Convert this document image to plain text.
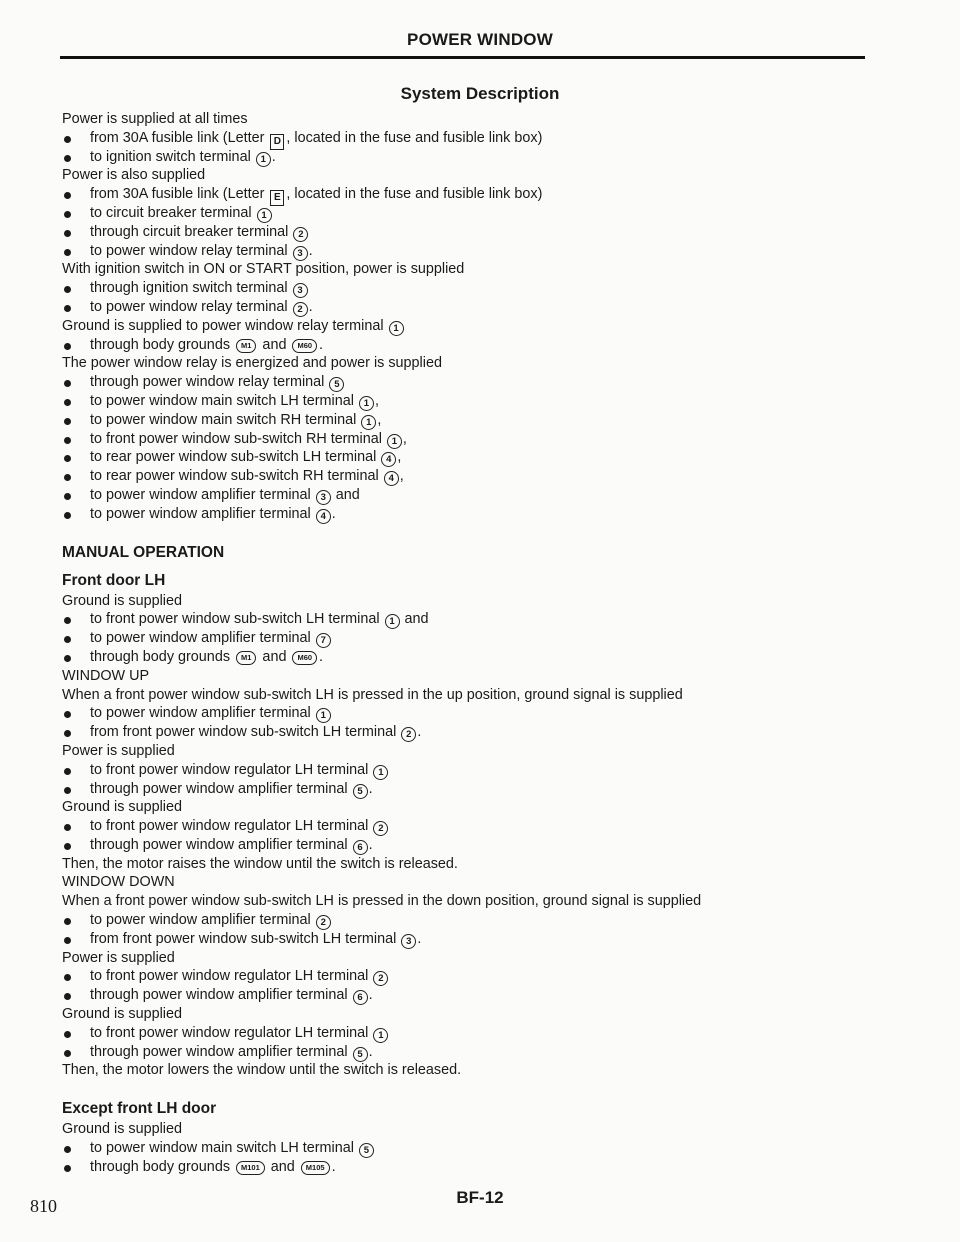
POWER WINDOW
System Description
Power is supplied at all times
from 30A fusible link (Letter D , located in the fuse and fusible link box)
to ignition switch terminal 1 .
Power is also supplied
from 30A fusible link (Letter E , located in the fuse and fusible link box)
to circuit breaker terminal 1
through circuit breaker terminal 2
to power window relay terminal 3 .
With ignition switch in ON or START position, power is supplied
through ignition switch terminal 3
to power window relay terminal 2 .
Ground is supplied to power window relay terminal 1
through body grounds M1 and M60 .
The power window relay is energized and power is supplied
through power window relay terminal 5
to power window main switch LH terminal 1 ,
to power window main switch RH terminal 1 ,
to front power window sub-switch RH terminal 1 ,
to rear power window sub-switch LH terminal 4 ,
to rear power window sub-switch RH terminal 4 ,
to power window amplifier terminal 3 and
to power window amplifier terminal 4 .
MANUAL OPERATION
Front door LH
Ground is supplied
to front power window sub-switch LH terminal 1 and
to power window amplifier terminal 7
through body grounds M1 and M60 .
WINDOW UP
When a front power window sub-switch LH is pressed in the up position, ground signal is supplied
to power window amplifier terminal 1
from front power window sub-switch LH terminal 2 .
Power is supplied
to front power window regulator LH terminal 1
through power window amplifier terminal 5 .
Ground is supplied
to front power window regulator LH terminal 2
through power window amplifier terminal 6 .
Then, the motor raises the window until the switch is released.
WINDOW DOWN
When a front power window sub-switch LH is pressed in the down position, ground signal is supplied
to power window amplifier terminal 2
from front power window sub-switch LH terminal 3 .
Power is supplied
to front power window regulator LH terminal 2
through power window amplifier terminal 6 .
Ground is supplied
to front power window regulator LH terminal 1
through power window amplifier terminal 5 .
Then, the motor lowers the window until the switch is released.
Except front LH door
Ground is supplied
to power window main switch LH terminal 5
through body grounds M101 and M105 .
BF-12
810
